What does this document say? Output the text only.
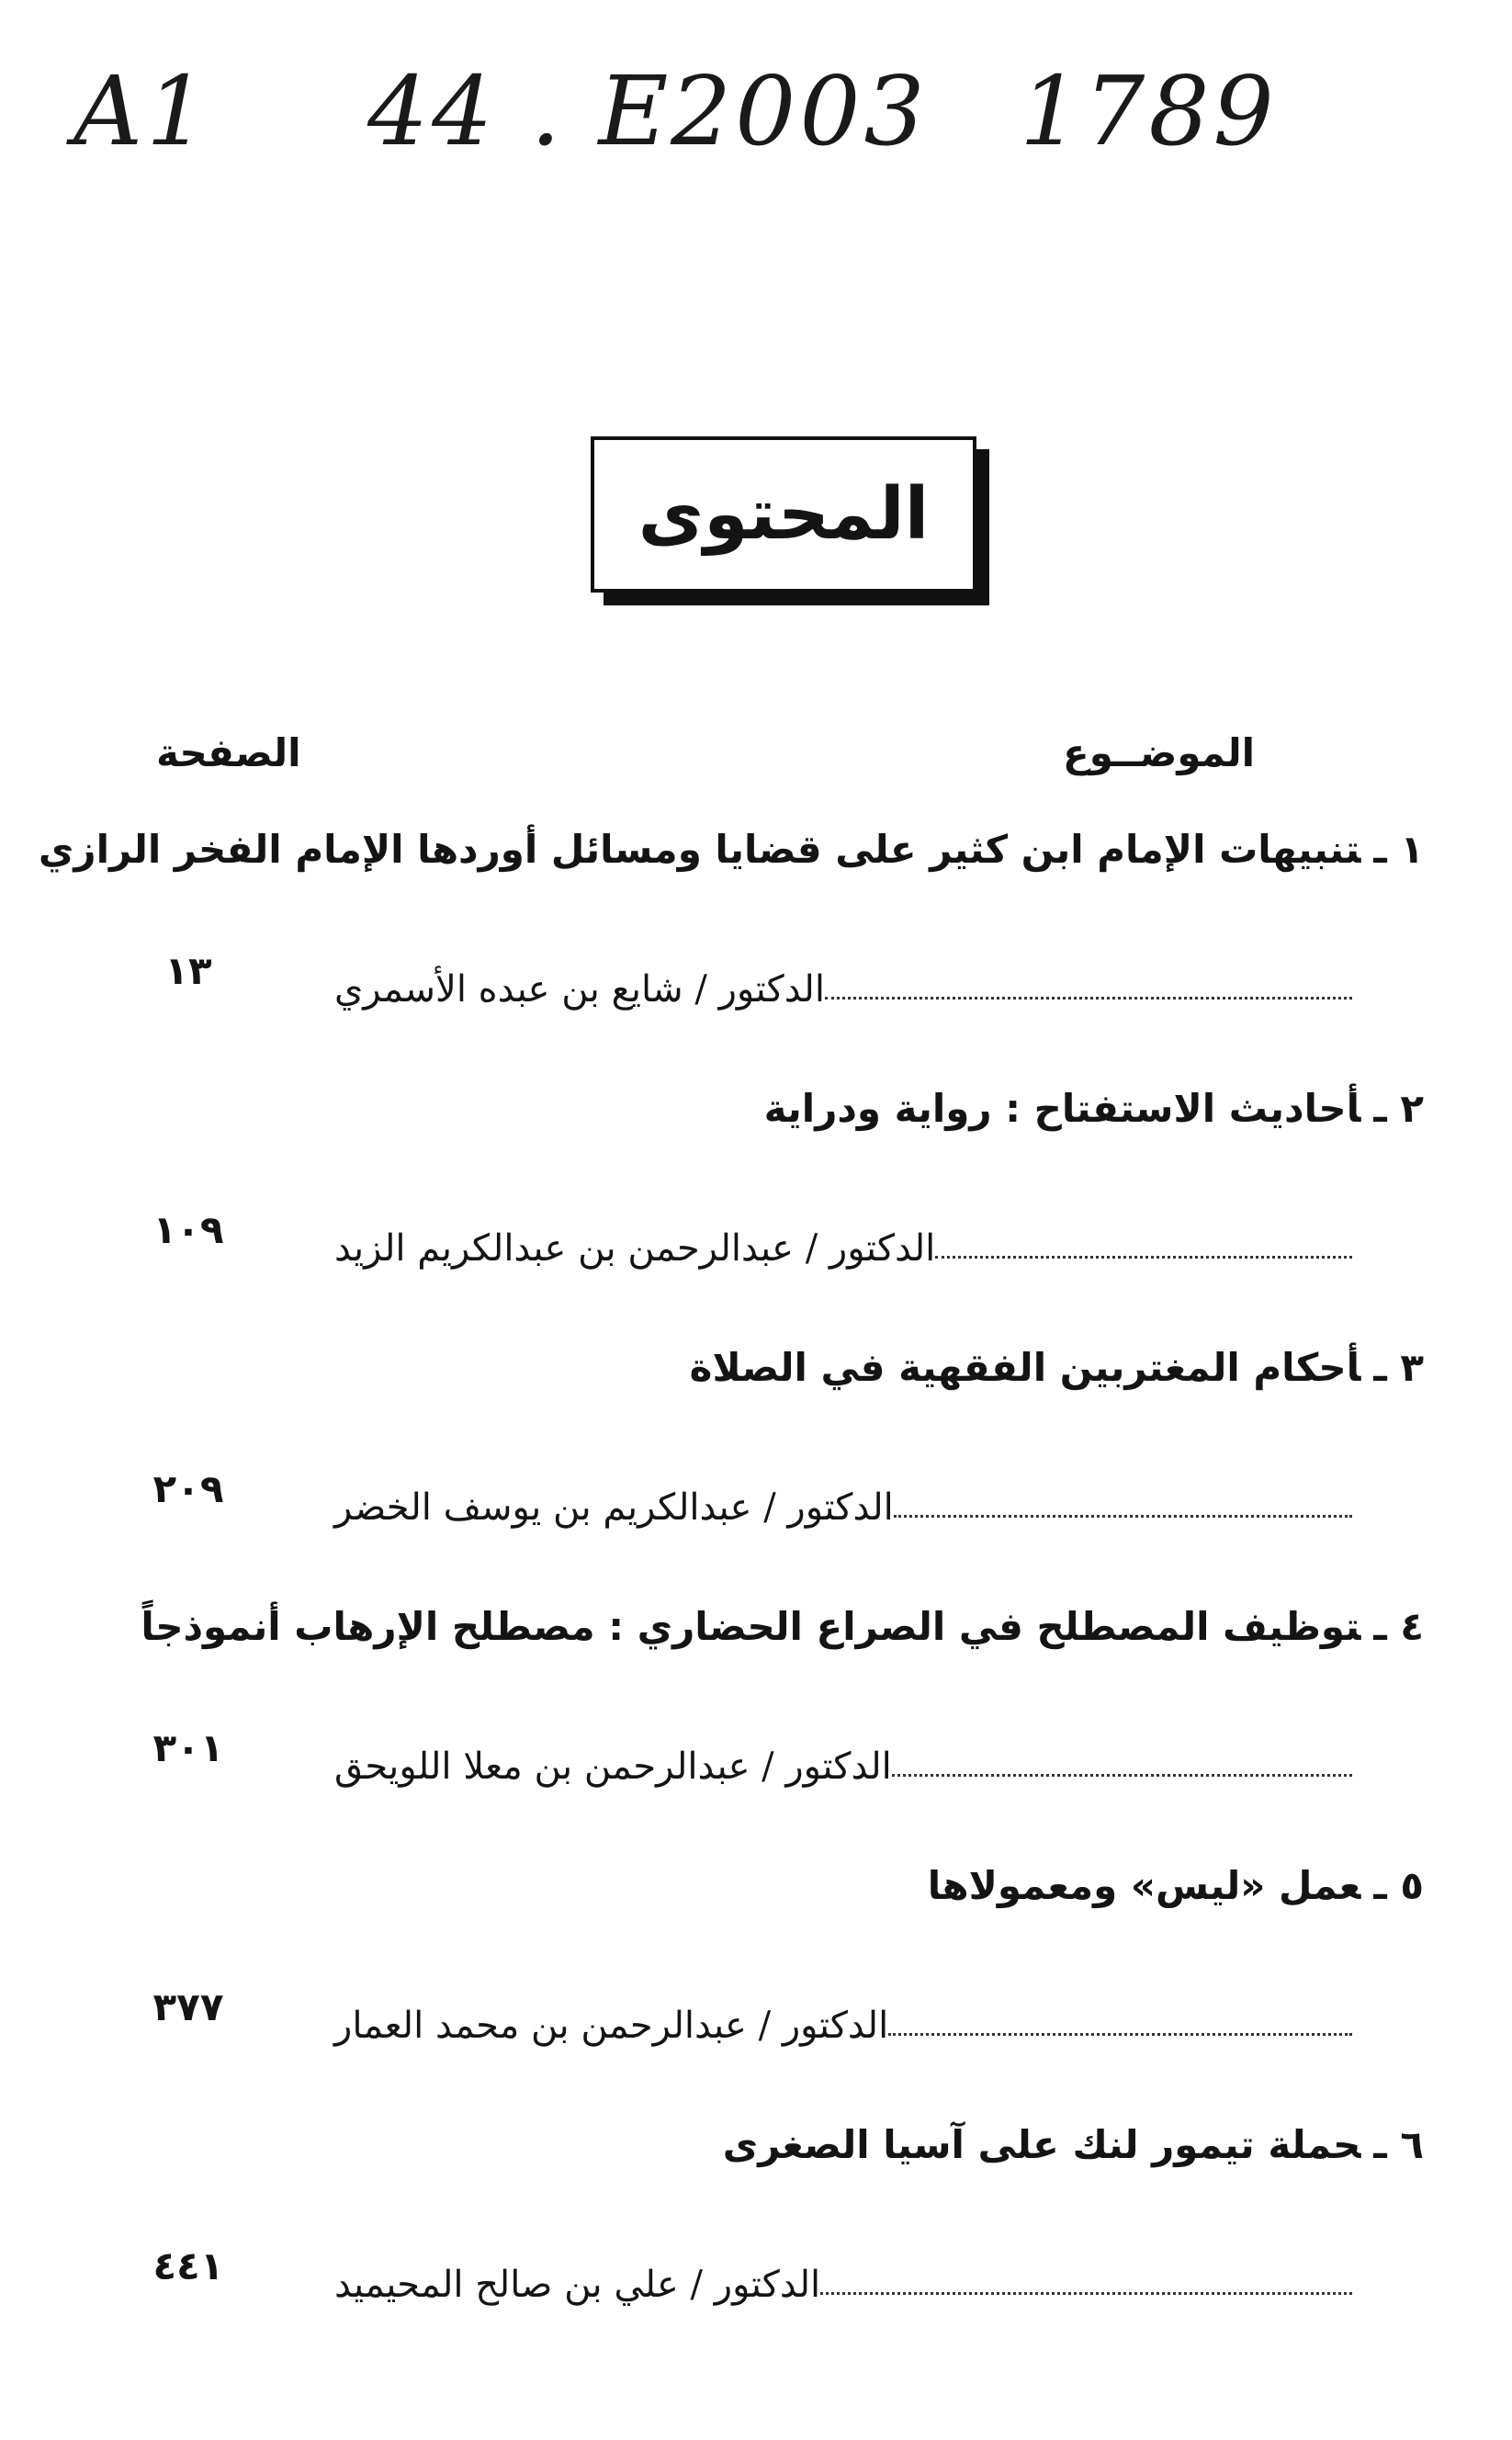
A1 44 . E
2003 1789
المحتوى
الموضــوع
الصفحة
١ ـتنبيهات الإمام ابن كثير على قضايا ومسائل أوردها الإمام الفخر الرازي
الدكتور / شايع بن عبده الأسمري
١٣
٢ ـأحاديث الاستفتاح : رواية ودراية
الدكتور / عبدالرحمن بن عبدالكريم الزيد
١٠٩
٣ ـأحكام المغتربين الفقهية في الصلاة
الدكتور / عبدالكريم بن يوسف الخضر
٢٠٩
٤ ـتوظيف المصطلح في الصراع الحضاري : مصطلح الإرهاب أنموذجاً
الدكتور / عبدالرحمن بن معلا اللويحق
٣٠١
٥ ـعمل «ليس» ومعمولاها
الدكتور / عبدالرحمن بن محمد العمار
٣٧٧
٦ ـحملة تيمور لنك على آسيا الصغرى
الدكتور / علي بن صالح المحيميد
٤٤١
